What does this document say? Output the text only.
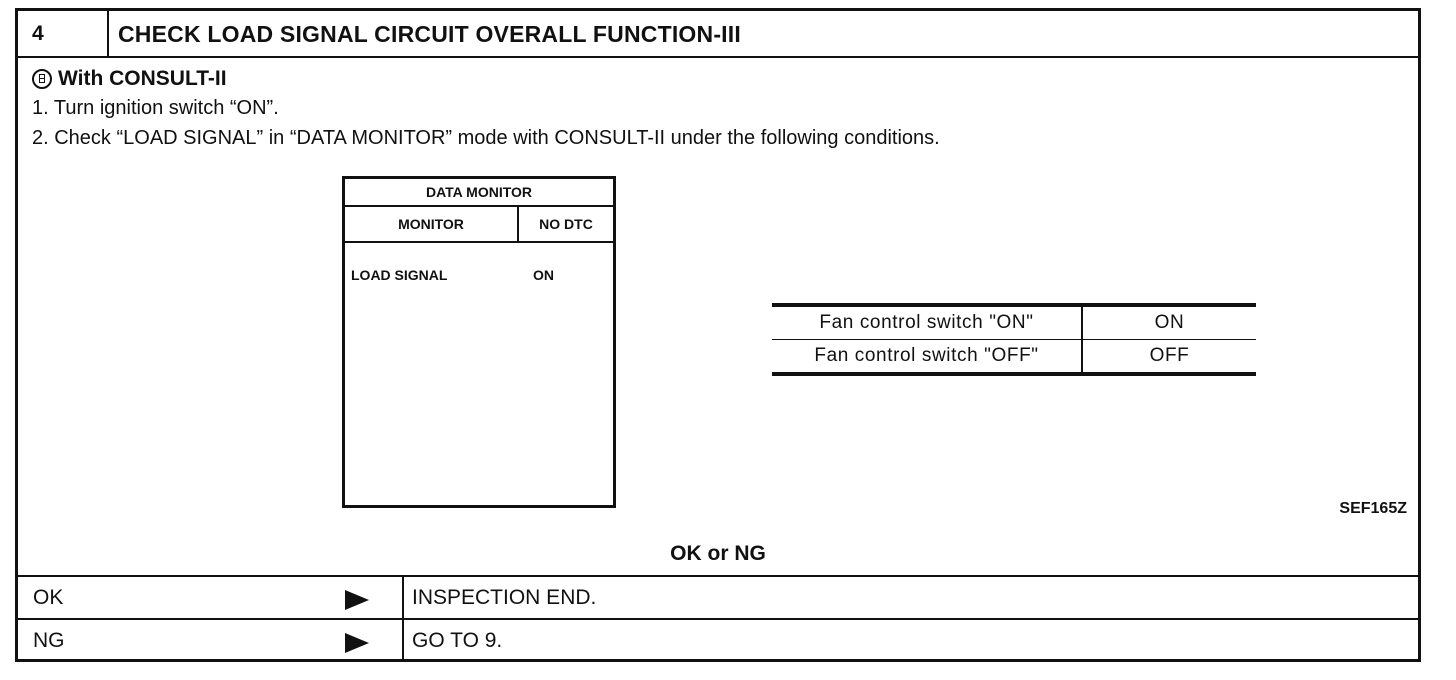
4	CHECK LOAD SIGNAL CIRCUIT OVERALL FUNCTION-III
With CONSULT-II
1. Turn ignition switch “ON”.
2. Check “LOAD SIGNAL” in “DATA MONITOR” mode with CONSULT-II under the following conditions.
DATA MONITOR
MONITOR	NO DTC
LOAD SIGNAL	ON
Fan control switch "ON"	ON
Fan control switch "OFF"	OFF
SEF165Z
OK or NG
OK	INSPECTION END.
NG	GO TO 9.
